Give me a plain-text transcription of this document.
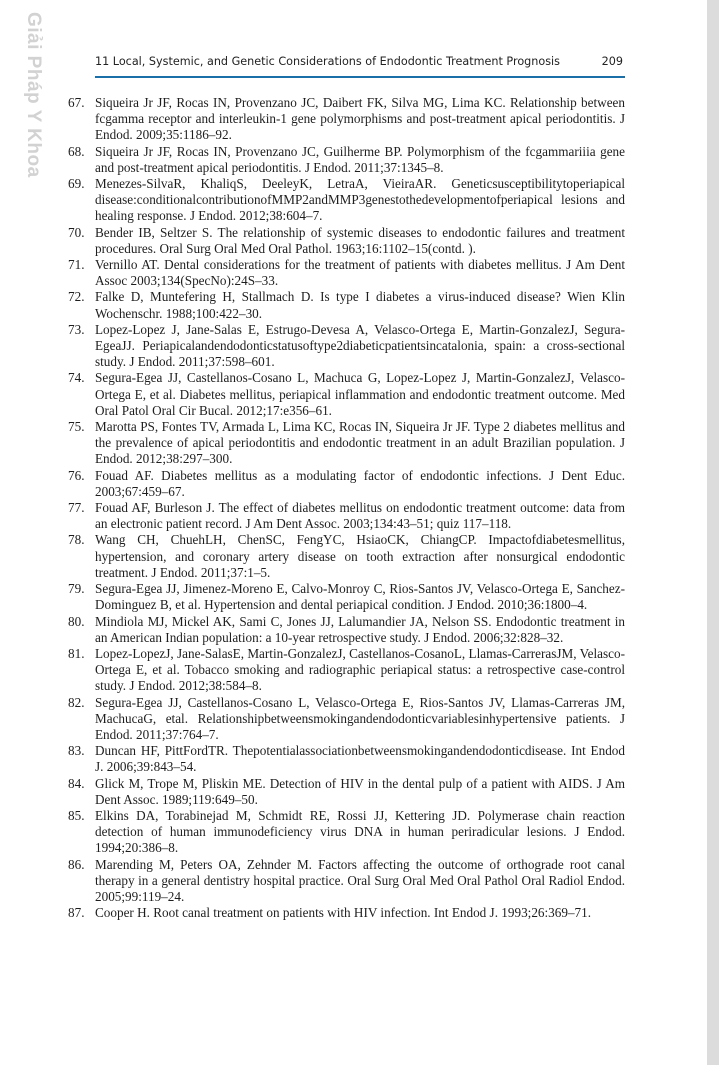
Giải Pháp Y Khoa	11 Local, Systemic, and Genetic Considerations of Endodontic Treatment Prognosis	209
67. Siqueira Jr JF, Rocas IN, Provenzano JC, Daibert FK, Silva MG, Lima KC. Relationship between fcgamma receptor and interleukin-1 gene polymorphisms and post-treatment apical periodontitis. J Endod. 2009;35:1186–92.
68. Siqueira Jr JF, Rocas IN, Provenzano JC, Guilherme BP. Polymorphism of the fcgammariiia gene and post-treatment apical periodontitis. J Endod. 2011;37:1345–8.
69. Menezes-SilvaR, KhaliqS, DeeleyK, LetraA, VieiraAR. Geneticsusceptibilitytoperiapical disease:conditionalcontributionofMMP2andMMP3genestothedevelopmentofperiapical lesions and healing response. J Endod. 2012;38:604–7.
70. Bender IB, Seltzer S. The relationship of systemic diseases to endodontic failures and treatment procedures. Oral Surg Oral Med Oral Pathol. 1963;16:1102–15(contd. ).
71. Vernillo AT. Dental considerations for the treatment of patients with diabetes mellitus. J Am Dent Assoc 2003;134(SpecNo):24S–33.
72. Falke D, Muntefering H, Stallmach D. Is type I diabetes a virus-induced disease? Wien Klin Wochenschr. 1988;100:422–30.
73. Lopez-Lopez J, Jane-Salas E, Estrugo-Devesa A, Velasco-Ortega E, Martin-GonzalezJ, Segura-EgeaJJ. Periapicalandendodonticstatusoftype2diabeticpatientsincatalonia, spain: a cross-sectional study. J Endod. 2011;37:598–601.
74. Segura-Egea JJ, Castellanos-Cosano L, Machuca G, Lopez-Lopez J, Martin-GonzalezJ, Velasco-Ortega E, et al. Diabetes mellitus, periapical inflammation and endodontic treatment outcome. Med Oral Patol Oral Cir Bucal. 2012;17:e356–61.
75. Marotta PS, Fontes TV, Armada L, Lima KC, Rocas IN, Siqueira Jr JF. Type 2 diabetes mellitus and the prevalence of apical periodontitis and endodontic treatment in an adult Brazilian population. J Endod. 2012;38:297–300.
76. Fouad AF. Diabetes mellitus as a modulating factor of endodontic infections. J Dent Educ. 2003;67:459–67.
77. Fouad AF, Burleson J. The effect of diabetes mellitus on endodontic treatment outcome: data from an electronic patient record. J Am Dent Assoc. 2003;134:43–51; quiz 117–118.
78. Wang CH, ChuehLH, ChenSC, FengYC, HsiaoCK, ChiangCP. Impactofdiabetesmellitus, hypertension, and coronary artery disease on tooth extraction after nonsurgical endodontic treatment. J Endod. 2011;37:1–5.
79. Segura-Egea JJ, Jimenez-Moreno E, Calvo-Monroy C, Rios-Santos JV, Velasco-Ortega E, Sanchez-Dominguez B, et al. Hypertension and dental periapical condition. J Endod. 2010;36:1800–4.
80. Mindiola MJ, Mickel AK, Sami C, Jones JJ, Lalumandier JA, Nelson SS. Endodontic treatment in an American Indian population: a 10-year retrospective study. J Endod. 2006;32:828–32.
81. Lopez-LopezJ, Jane-SalasE, Martin-GonzalezJ, Castellanos-CosanoL, Llamas-CarrerasJM, Velasco-Ortega E, et al. Tobacco smoking and radiographic periapical status: a retrospective case-control study. J Endod. 2012;38:584–8.
82. Segura-Egea JJ, Castellanos-Cosano L, Velasco-Ortega E, Rios-Santos JV, Llamas-Carreras JM, MachucaG, etal. Relationshipbetweensmokingandendodonticvariablesinhypertensive patients. J Endod. 2011;37:764–7.
83. Duncan HF, PittFordTR. Thepotentialassociationbetweensmokingandendodonticdisease. Int Endod J. 2006;39:843–54.
84. Glick M, Trope M, Pliskin ME. Detection of HIV in the dental pulp of a patient with AIDS. J Am Dent Assoc. 1989;119:649–50.
85. Elkins DA, Torabinejad M, Schmidt RE, Rossi JJ, Kettering JD. Polymerase chain reaction detection of human immunodeficiency virus DNA in human periradicular lesions. J Endod. 1994;20:386–8.
86. Marending M, Peters OA, Zehnder M. Factors affecting the outcome of orthograde root canal therapy in a general dentistry hospital practice. Oral Surg Oral Med Oral Pathol Oral Radiol Endod. 2005;99:119–24.
87. Cooper H. Root canal treatment on patients with HIV infection. Int Endod J. 1993;26:369–71.
